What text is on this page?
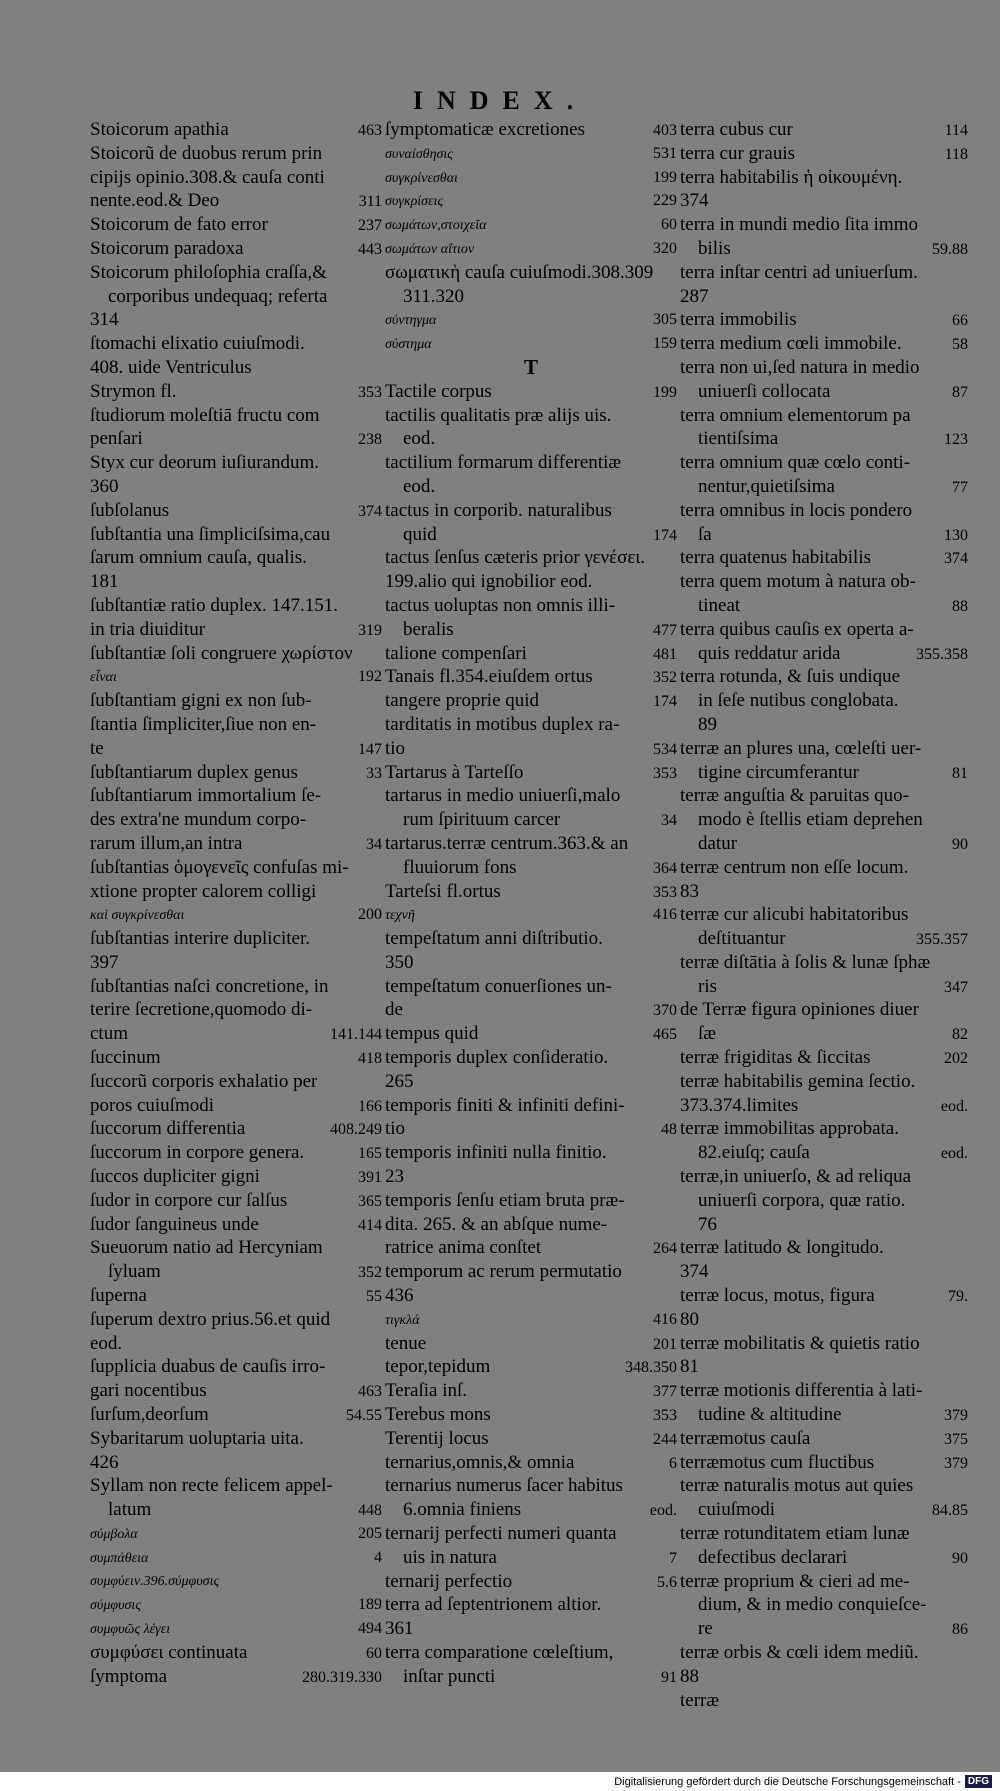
INDEX.
Stoicorum apathia	463
Stoicorũ de duobus rerum prin
cipijs opinio.308.& cauſa conti
nente.eod.& Deo	311
Stoicorum de fato error	237
Stoicorum paradoxa	443
Stoicorum philoſophia craſſa,&
corporibus undequaq; referta
314
ſtomachi elixatio cuiuſmodi.
408. uide Ventriculus
Strymon fl.	353
ſtudiorum moleſtiā fructu com
penſari	238
Styx cur deorum iuſiurandum.
360
ſubſolanus	374
ſubſtantia una ſimpliciſsima,cau
ſarum omnium cauſa, qualis.
181
ſubſtantiæ ratio duplex. 147.151.
in tria diuiditur	319
ſubſtantiæ ſoli congruere χωρίστον
εἶναι	192
ſubſtantiam gigni ex non ſub-
ſtantia ſimpliciter,ſiue non en-
te	147
ſubſtantiarum duplex genus	33
ſubſtantiarum immortalium ſe-
des extra'ne mundum corpo-
rarum illum,an intra	34
ſubſtantias ὁμογενεῖς confuſas mi-
xtione propter calorem colligi
καὶ συγκρίνεσθαι	200
ſubſtantias interire dupliciter.
397
ſubſtantias naſci concretione, in
terire ſecretione,quomodo di-
ctum	141.144
ſuccinum	418
ſuccorũ corporis exhalatio per
poros cuiuſmodi	166
ſuccorum differentia	408.249
ſuccorum in corpore genera.	165
ſuccos dupliciter gigni	391
ſudor in corpore cur ſalſus	365
ſudor ſanguineus unde	414
Sueuorum natio ad Hercyniam
ſyluam	352
ſuperna	55
ſuperum dextro prius.56.et quid
eod.
ſupplicia duabus de cauſis irro-
gari nocentibus	463
ſurſum,deorſum	54.55
Sybaritarum uoluptaria uita.
426
Syllam non recte felicem appel-
latum	448
σύμβολα	205
συμπάθεια	4
συμφύειν.396.σύμφυσις
σύμφυσις	189
συμφυῶς λέγει	494
συμφύσει continuata	60
ſymptoma	280.319.330
ſymptomaticæ excretiones	403
συναίσθησις	531
συγκρίνεσθαι	199
συγκρίσεις	229
σωμάτων,στοιχεῖα	60
σωμάτων αἴτιον	320
σωματικὴ cauſa cuiuſmodi.308.309
311.320
σύντηγμα	305
σύστημα	159
T
Tactile corpus	199
tactilis qualitatis præ alijs uis.
eod.
tactilium formarum differentiæ
eod.
tactus in corporib. naturalibus
quid	174
tactus ſenſus cæteris prior γενέσει.
199.alio qui ignobilior eod.
tactus uoluptas non omnis illi-
beralis	477
talione compenſari	481
Tanais fl.354.eiuſdem ortus	352
tangere proprie quid	174
tarditatis in motibus duplex ra-
tio	534
Tartarus à Tarteſſo	353
tartarus in medio uniuerſi,malo
rum ſpirituum carcer	34
tartarus.terræ centrum.363.& an
fluuiorum fons	364
Tarteſsi fl.ortus	353
τεχνῆ	416
tempeſtatum anni diſtributio.
350
tempeſtatum conuerſiones un-
de	370
tempus quid	465
temporis duplex conſideratio.
265
temporis finiti & infiniti defini-
tio	48
temporis infiniti nulla finitio.
23
temporis ſenſu etiam bruta præ-
dita. 265. & an abſque nume-
ratrice anima conſtet	264
temporum ac rerum permutatio
436
τιγκλά	416
tenue	201
tepor,tepidum	348.350
Teraſia inſ.	377
Terebus mons	353
Terentij locus	244
ternarius,omnis,& omnia	6
ternarius numerus ſacer habitus
6.omnia finiens	eod.
ternarij perfecti numeri quanta
uis in natura	7
ternarij perfectio	5.6
terra ad ſeptentrionem altior.
361
terra comparatione cœleſtium,
inſtar puncti	91
terra cubus cur	114
terra cur grauis	118
terra habitabilis ἡ οἰκουμένη.
374
terra in mundi medio ſita immo
bilis	59.88
terra inſtar centri ad uniuerſum.
287
terra immobilis	66
terra medium cœli immobile.	58
terra non ui,ſed natura in medio
uniuerſi collocata	87
terra omnium elementorum pa
tientiſsima	123
terra omnium quæ cœlo conti-
nentur,quietiſsima	77
terra omnibus in locis pondero
ſa	130
terra quatenus habitabilis	374
terra quem motum à natura ob-
tineat	88
terra quibus cauſis ex operta a-
quis reddatur arida	355.358
terra rotunda, & ſuis undique
in ſeſe nutibus conglobata.
89
terræ an plures una, cœleſti uer-
tigine circumferantur	81
terræ anguſtia & paruitas quo-
modo è ſtellis etiam deprehen
datur	90
terræ centrum non eſſe locum.
83
terræ cur alicubi habitatoribus
deſtituantur	355.357
terræ diſtātia à ſolis & lunæ ſphæ
ris	347
de Terræ figura opiniones diuer
ſæ	82
terræ frigiditas & ſiccitas	202
terræ habitabilis gemina ſectio.
373.374.limites	eod.
terræ immobilitas approbata.
82.eiuſq; cauſa	eod.
terræ,in uniuerſo, & ad reliqua
uniuerſi corpora, quæ ratio.
76
terræ latitudo & longitudo.
374
terræ locus, motus, figura	79.
80
terræ mobilitatis & quietis ratio
81
terræ motionis differentia à lati-
tudine & altitudine	379
terræmotus cauſa	375
terræmotus cum fluctibus	379
terræ naturalis motus aut quies
cuiuſmodi	84.85
terræ rotunditatem etiam lunæ
defectibus declarari	90
terræ proprium & cieri ad me-
dium, & in medio conquieſce-
re	86
terræ orbis & cœli idem mediũ.
88
terræ
Digitalisierung gefördert durch die Deutsche Forschungsgemeinschaft - DFG
